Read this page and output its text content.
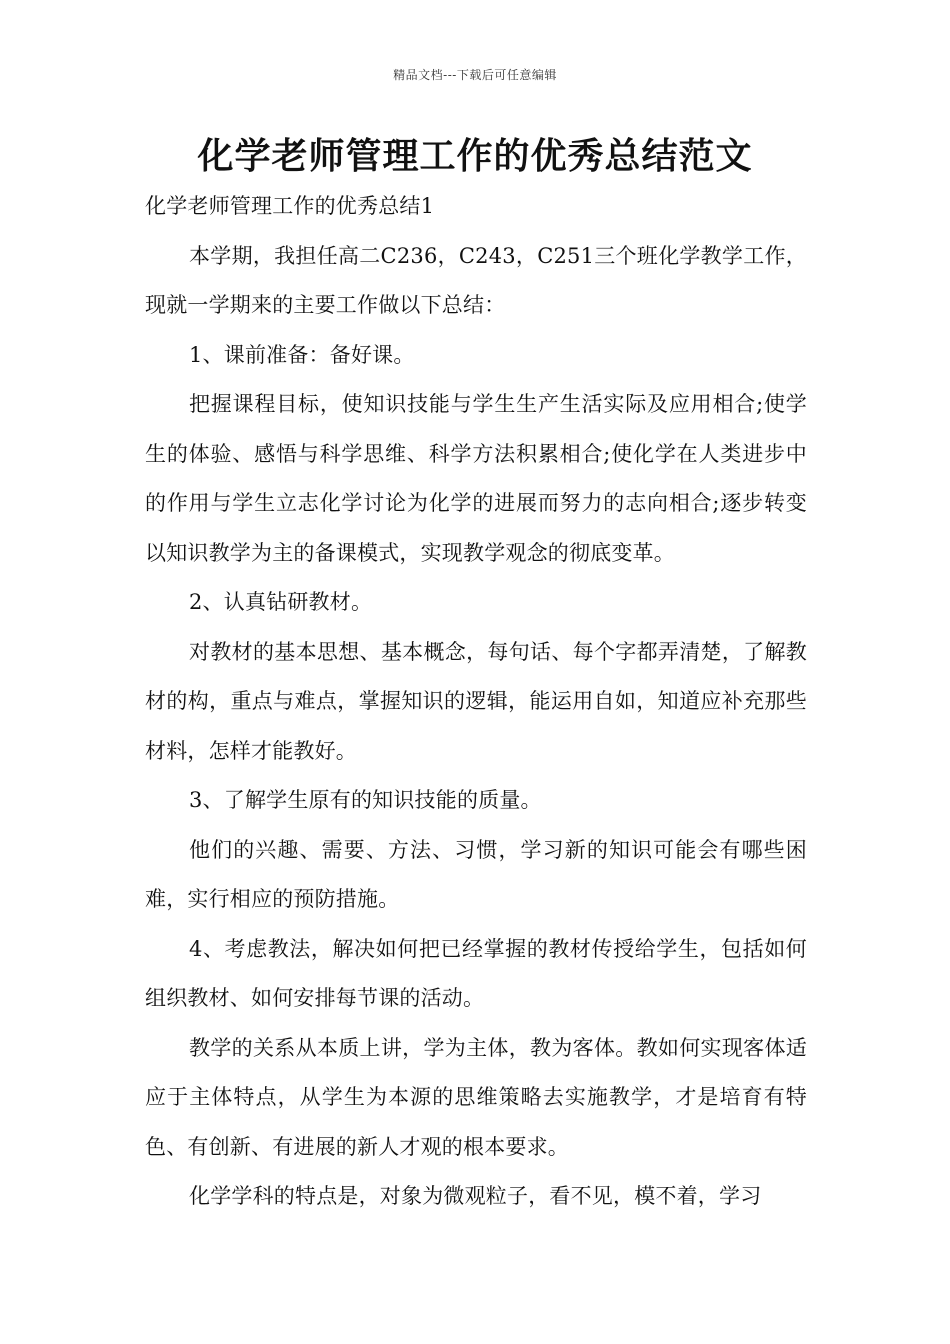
精品文档---下载后可任意编辑
化学老师管理工作的优秀总结范文

化学老师管理工作的优秀总结1

本学期，我担任高二C236，C243，C251三个班化学教学工作，现就一学期来的主要工作做以下总结：

1、课前准备：备好课。

把握课程目标，使知识技能与学生生产生活实际及应用相合;使学生的体验、感悟与科学思维、科学方法积累相合;使化学在人类进步中的作用与学生立志化学讨论为化学的进展而努力的志向相合;逐步转变以知识教学为主的备课模式，实现教学观念的彻底变革。

2、认真钻研教材。

对教材的基本思想、基本概念，每句话、每个字都弄清楚，了解教材的构，重点与难点，掌握知识的逻辑，能运用自如，知道应补充那些材料，怎样才能教好。

3、了解学生原有的知识技能的质量。

他们的兴趣、需要、方法、习惯，学习新的知识可能会有哪些困难，实行相应的预防措施。

4、考虑教法，解决如何把已经掌握的教材传授给学生，包括如何组织教材、如何安排每节课的活动。

教学的关系从本质上讲，学为主体，教为客体。教如何实现客体适应于主体特点，从学生为本源的思维策略去实施教学，才是培育有特色、有创新、有进展的新人才观的根本要求。

化学学科的特点是，对象为微观粒子，看不见，模不着，学习
